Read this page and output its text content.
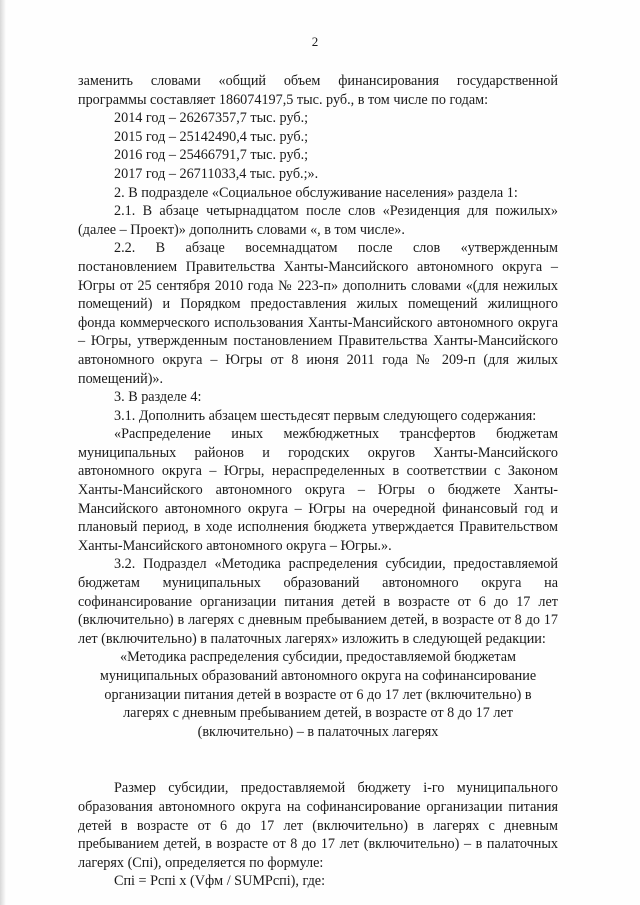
2

заменить словами «общий объем финансирования государственной программы составляет 186074197,5 тыс. руб., в том числе по годам:

2014 год – 26267357,7 тыс. руб.;

2015 год – 25142490,4 тыс. руб.;

2016 год – 25466791,7 тыс. руб.;

2017 год – 26711033,4 тыс. руб.;».

2. В подразделе «Социальное обслуживание населения» раздела 1:

2.1. В абзаце четырнадцатом после слов «Резиденция для пожилых» (далее – Проект)» дополнить словами «, в том числе».

2.2. В абзаце восемнадцатом после слов «утвержденным постановлением Правительства Ханты-Мансийского автономного округа – Югры от 25 сентября 2010 года № 223-п» дополнить словами «(для нежилых помещений) и Порядком предоставления жилых помещений жилищного фонда коммерческого использования Ханты-Мансийского автономного округа – Югры, утвержденным постановлением Правительства Ханты-Мансийского автономного округа – Югры от 8 июня 2011 года № 209-п (для жилых помещений)».

3. В разделе 4:

3.1. Дополнить абзацем шестьдесят первым следующего содержания:

«Распределение иных межбюджетных трансфертов бюджетам муниципальных районов и городских округов Ханты-Мансийского автономного округа – Югры, нераспределенных в соответствии с Законом Ханты-Мансийского автономного округа – Югры о бюджете Ханты-Мансийского автономного округа – Югры на очередной финансовый год и плановый период, в ходе исполнения бюджета утверждается Правительством Ханты-Мансийского автономного округа – Югры.».

3.2. Подраздел «Методика распределения субсидии, предоставляемой бюджетам муниципальных образований автономного округа на софинансирование организации питания детей в возрасте от 6 до 17 лет (включительно) в лагерях с дневным пребыванием детей, в возрасте от 8 до 17 лет (включительно) в палаточных лагерях» изложить в следующей редакции:

«Методика распределения субсидии, предоставляемой бюджетам

муниципальных образований автономного округа на софинансирование

организации питания детей в возрасте от 6 до 17 лет (включительно) в

лагерях с дневным пребыванием детей, в возрасте от 8 до 17 лет

(включительно) – в палаточных лагерях

Размер субсидии, предоставляемой бюджету i-го муниципального образования автономного округа на софинансирование организации питания детей в возрасте от 6 до 17 лет (включительно) в лагерях с дневным пребыванием детей, в возрасте от 8 до 17 лет (включительно) – в палаточных лагерях (Cпi), определяется по формуле:

Cпi = Pcпi x (Vфм / SUMPcпi), где:
